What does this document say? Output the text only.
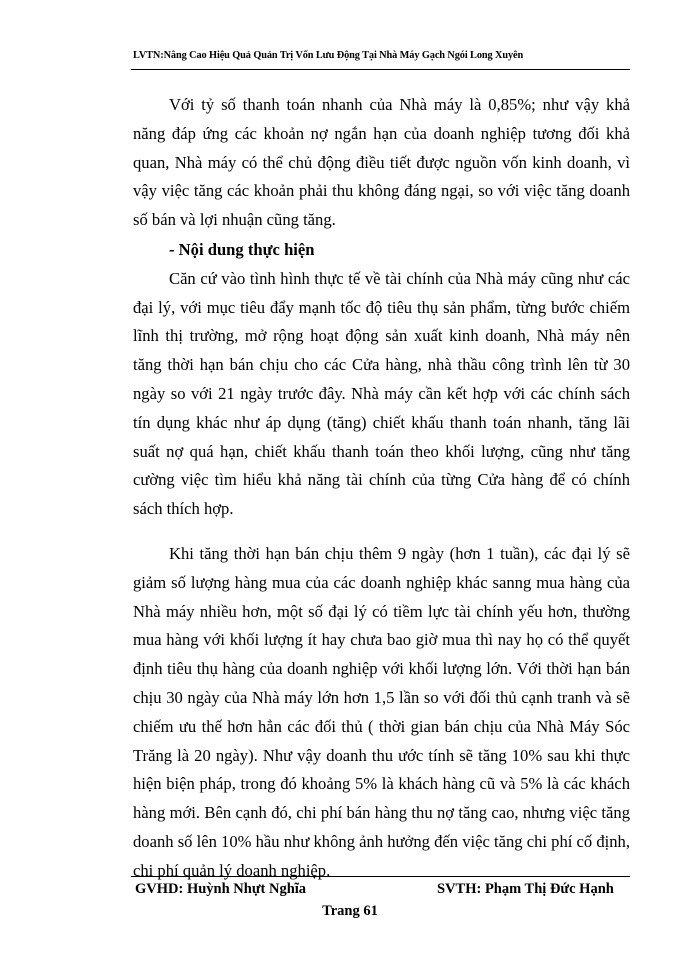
LVTN:Nâng Cao Hiệu Quả Quản Trị Vốn Lưu Động Tại Nhà Máy Gạch Ngói Long Xuyên

Với tỷ số thanh toán nhanh của Nhà máy là 0,85%; như vậy khả năng đáp ứng các khoản nợ ngắn hạn của doanh nghiệp tương đối khả quan, Nhà máy có thể chủ động điều tiết được nguồn vốn kinh doanh, vì vậy việc tăng các khoản phải thu không đáng ngại, so với việc tăng doanh số bán và lợi nhuận cũng tăng.

- Nội dung thực hiện

Căn cứ vào tình hình thực tế về tài chính của Nhà máy cũng như các đại lý, với mục tiêu đẩy mạnh tốc độ tiêu thụ sản phẩm, từng bước chiếm lĩnh thị trường, mở rộng hoạt động sản xuất kinh doanh, Nhà máy nên tăng thời hạn bán chịu cho các Cửa hàng, nhà thầu công trình lên từ 30 ngày so với 21 ngày trước đây. Nhà máy cần kết hợp với các chính sách tín dụng khác như áp dụng (tăng) chiết khấu thanh toán nhanh, tăng lãi suất nợ quá hạn, chiết khấu thanh toán theo khối lượng, cũng như tăng cường việc tìm hiểu khả năng tài chính của từng Cửa hàng để có chính sách thích hợp.

Khi tăng thời hạn bán chịu thêm 9 ngày (hơn 1 tuần), các đại lý sẽ giảm số lượng hàng mua của các doanh nghiệp khác sanng mua hàng của Nhà máy nhiều hơn, một số đại lý có tiềm lực tài chính yếu hơn, thường mua hàng với khối lượng ít hay chưa bao giờ mua thì nay họ có thể quyết định tiêu thụ hàng của doanh nghiệp với khối lượng lớn. Với thời hạn bán chịu 30 ngày của Nhà máy lớn hơn 1,5 lần so với đối thủ cạnh tranh và sẽ chiếm ưu thế hơn hẳn các đối thủ ( thời gian bán chịu của Nhà Máy Sóc Trăng là 20 ngày). Như vậy doanh thu ước tính sẽ tăng 10% sau khi thực hiện biện pháp, trong đó khoảng 5% là khách hàng cũ và 5% là các khách hàng mới. Bên cạnh đó, chi phí bán hàng thu nợ tăng cao, nhưng việc tăng doanh số lên 10% hầu như không ảnh hưởng đến việc tăng chi phí cố định, chi phí quản lý doanh nghiệp.

GVHD: Huỳnh Nhựt Nghĩa	SVTH: Phạm Thị Đức Hạnh
Trang 61
